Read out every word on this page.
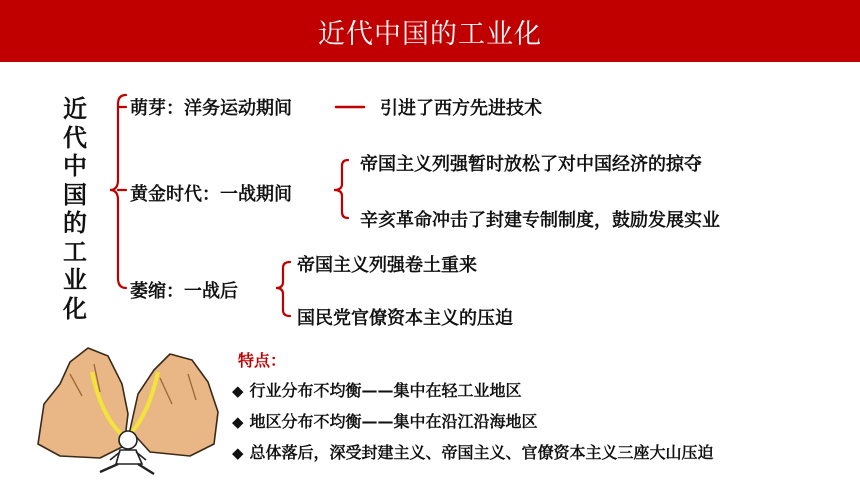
近代中国的工业化
近代中国的工业化
萌芽：洋务运动期间	引进了西方先进技术
黄金时代：一战期间
帝国主义列强暂时放松了对中国经济的掠夺
辛亥革命冲击了封建专制制度，鼓励发展实业
萎缩：一战后
帝国主义列强卷土重来
国民党官僚资本主义的压迫
特点：
◆ 行业分布不均衡——集中在轻工业地区
◆ 地区分布不均衡——集中在沿江沿海地区
◆ 总体落后，深受封建主义、帝国主义、官僚资本主义三座大山压迫
